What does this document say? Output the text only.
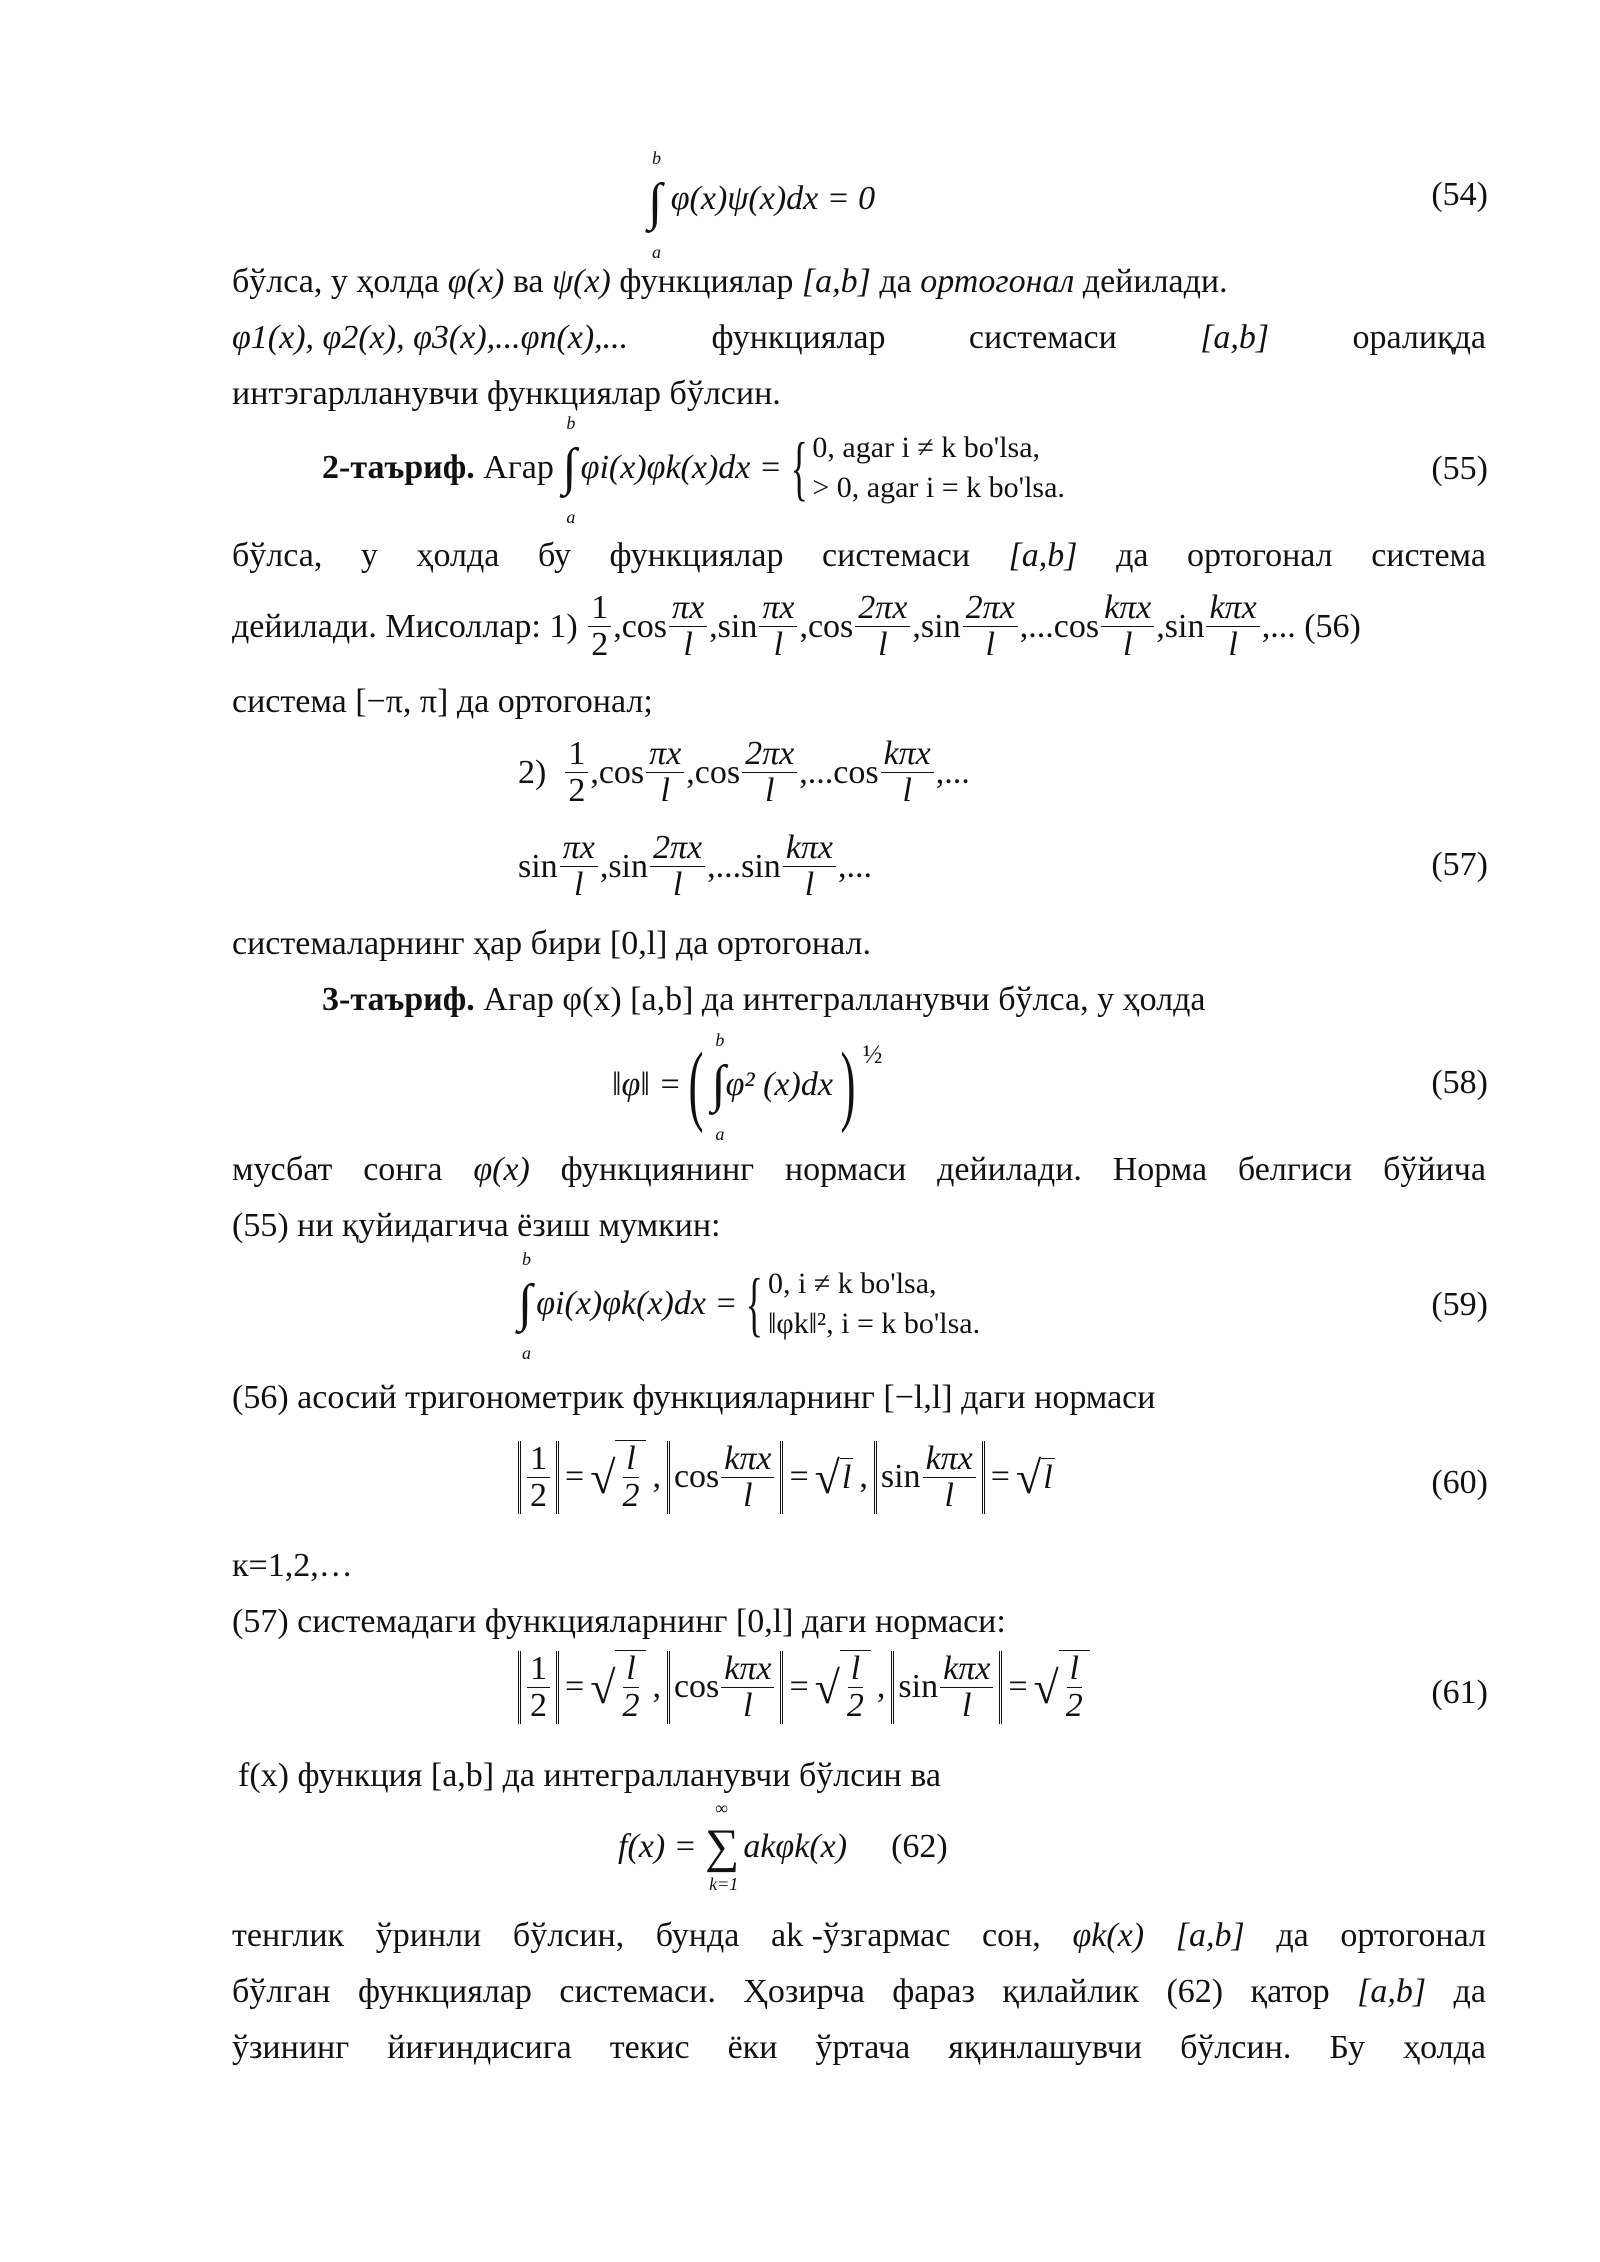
∫
b
a
φ(x)ψ(x)dx = 0	(54)
бўлса, у ҳолда φ(x) ва ψ(x) функциялар [a,b] да ортогонал дейилади.
φ1(x), φ2(x), φ3(x),...φn(x),... функциялар системаси [a,b] оралиқда
интэгарлланувчи функциялар бўлсин.
2-таъриф.
Агар
∫
b
a
φi(x)φk(x)dx = { 0, agar i ≠ k bo'lsa,
> 0, agar i = k bo'lsa.
(55)
бўлса, у ҳолда бу функциялар системаси [a,b] да ортогонал система
дейилади. Мисоллар: 1)
$\frac{1}{2} ,\cos \frac{\pi x}{l} ,\sin \frac{\pi x}{l} ,\cos \frac{2\pi x}{l} ,\sin \frac{2\pi x}{l} ,...\cos \frac{\text{kπx}}{l} ,\sin \frac{\text{kπx}}{l}$ ,... (56)
система [−π, π] да ортогонал;
2)
$\frac{1}{2} ,\cos \frac{\pi x}{l} ,\cos \frac{2\pi x}{l} ,...\cos \frac{\text{kπx}}{l}$ ,...
$\sin \frac{\pi x}{l} ,\sin \frac{2\pi x}{l} ,...\sin \frac{\text{kπx}}{l}$ ,...	(57)
системаларнинг ҳар бири [0,l] да ортогонал.
3-таъриф. Агар φ(x) [a,b] да интегралланувчи бўлса, у ҳолда
‖φ‖ = ( ∫
b
a
φ² (x)dx ) ½
(58)
мусбат сонга φ(x) функциянинг нормаси дейилади. Норма белгиси бўйича
(55) ни қуйидагича ёзиш мумкин:
∫
b
a
φi(x)φk(x)dx = { 0, i ≠ k bo'lsa,
‖φk‖², i = k bo'lsa.
(59)
(56) асосий тригонометрик функцияларнинг [−l,l] даги нормаси
$\frac{1}{2}$ = √ $\frac{l}{2}$ , $\cos \frac{\text{kπx}}{l}$ = √ l , $\sin \frac{\text{kπx}}{l}$ = √ l	(60)
к=1,2,…
(57) системадаги функцияларнинг [0,l] даги нормаси:
$\frac{1}{2}$ = √ $\frac{l}{2}$ , $\cos \frac{\text{kπx}}{l}$ = √ $\frac{l}{2}$ , $\sin \frac{\text{kπx}}{l}$ = √ $\frac{l}{2}$	(61)
f(x) функция [a,b] да интегралланувчи бўлсин ва
f(x) =
∑
∞
k=1
akφk(x) (62)
тенглик ўринли бўлсин, бунда ak -ўзгармас сон, φk(x) [a,b] да ортогонал
бўлган функциялар системаси. Ҳозирча фараз қилайлик (62) қатор [a,b] да
ўзининг йиғиндисига текис ёки ўртача яқинлашувчи бўлсин. Бу ҳолда
